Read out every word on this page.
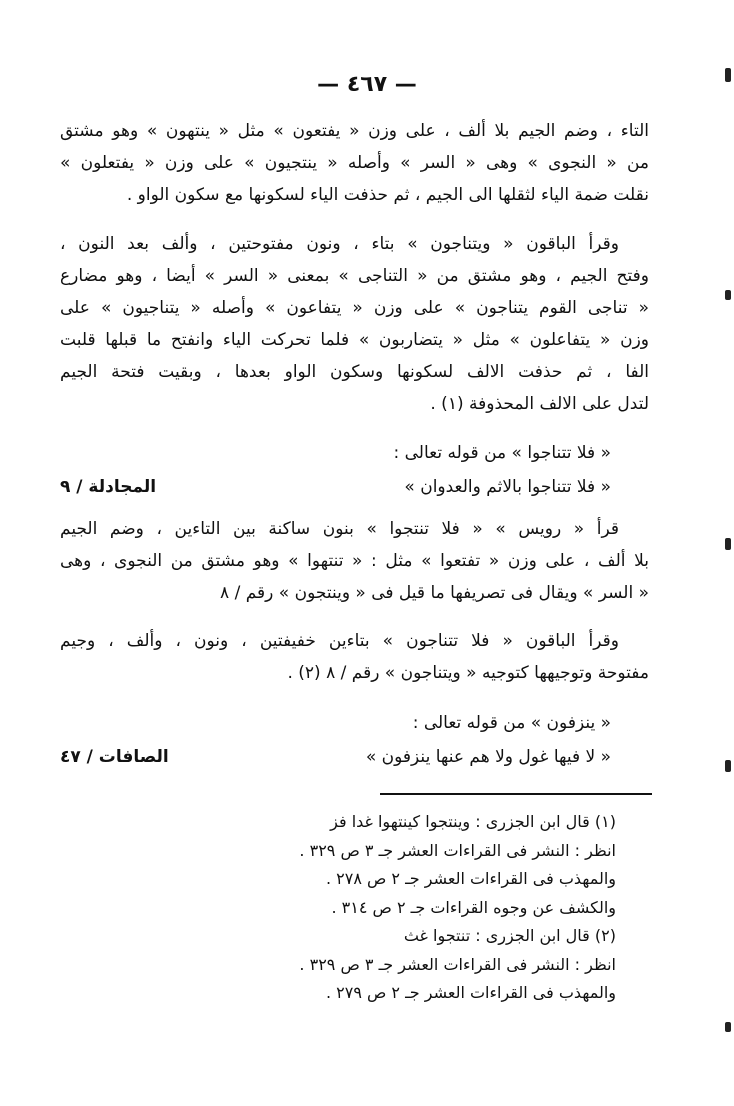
— ٤٦٧ —
التاء ، وضم الجيم بلا ألف ، على وزن « يفتعون » مثل « ينتهون » وهو مشتق
من « النجوى » وهى « السر » وأصله « ينتجيون » على وزن « يفتعلون »
نقلت ضمة الياء لثقلها الى الجيم ، ثم حذفت الياء لسكونها مع سكون الواو .
وقرأ الباقون « ويتناجون » بتاء ، ونون مفتوحتين ، وألف بعد النون ،
وفتح الجيم ، وهو مشتق من « التناجى » بمعنى « السر » أيضا ، وهو مضارع
« تناجى القوم يتناجون » على وزن « يتفاعون » وأصله « يتناجيون » على
وزن « يتفاعلون » مثل « يتضاربون » فلما تحركت الياء وانفتح ما قبلها قلبت
الفا ، ثم حذفت الالف لسكونها وسكون الواو بعدها ، وبقيت فتحة الجيم
لتدل على الالف المحذوفة (١) .
« فلا تتناجوا » من قوله تعالى :
« فلا تتناجوا بالاثم والعدوان »
المجادلة / ٩
قرأ « رويس » « فلا تنتجوا » بنون ساكنة بين التاءين ، وضم الجيم
بلا ألف ، على وزن « تفتعوا » مثل : « تنتهوا » وهو مشتق من النجوى ، وهى
« السر » ويقال فى تصريفها ما قيل فى « وينتجون » رقم / ٨
وقرأ الباقون « فلا تتناجون » بتاءين خفيفتين ، ونون ، وألف ، وجيم
مفتوحة وتوجيهها كتوجيه « ويتناجون » رقم / ٨ (٢) .
« ينزفون » من قوله تعالى :
« لا فيها غول ولا هم عنها ينزفون »
الصافات / ٤٧
(١) قال ابن الجزرى : وينتجوا كينتهوا غدا فز
انظر : النشر فى القراءات العشر جـ ٣ ص ٣٢٩ .
والمهذب فى القراءات العشر جـ ٢ ص ٢٧٨ .
والكشف عن وجوه القراءات جـ ٢ ص ٣١٤ .
(٢) قال ابن الجزرى : تنتجوا غث
انظر : النشر فى القراءات العشر جـ ٣ ص ٣٢٩ .
والمهذب فى القراءات العشر جـ ٢ ص ٢٧٩ .
